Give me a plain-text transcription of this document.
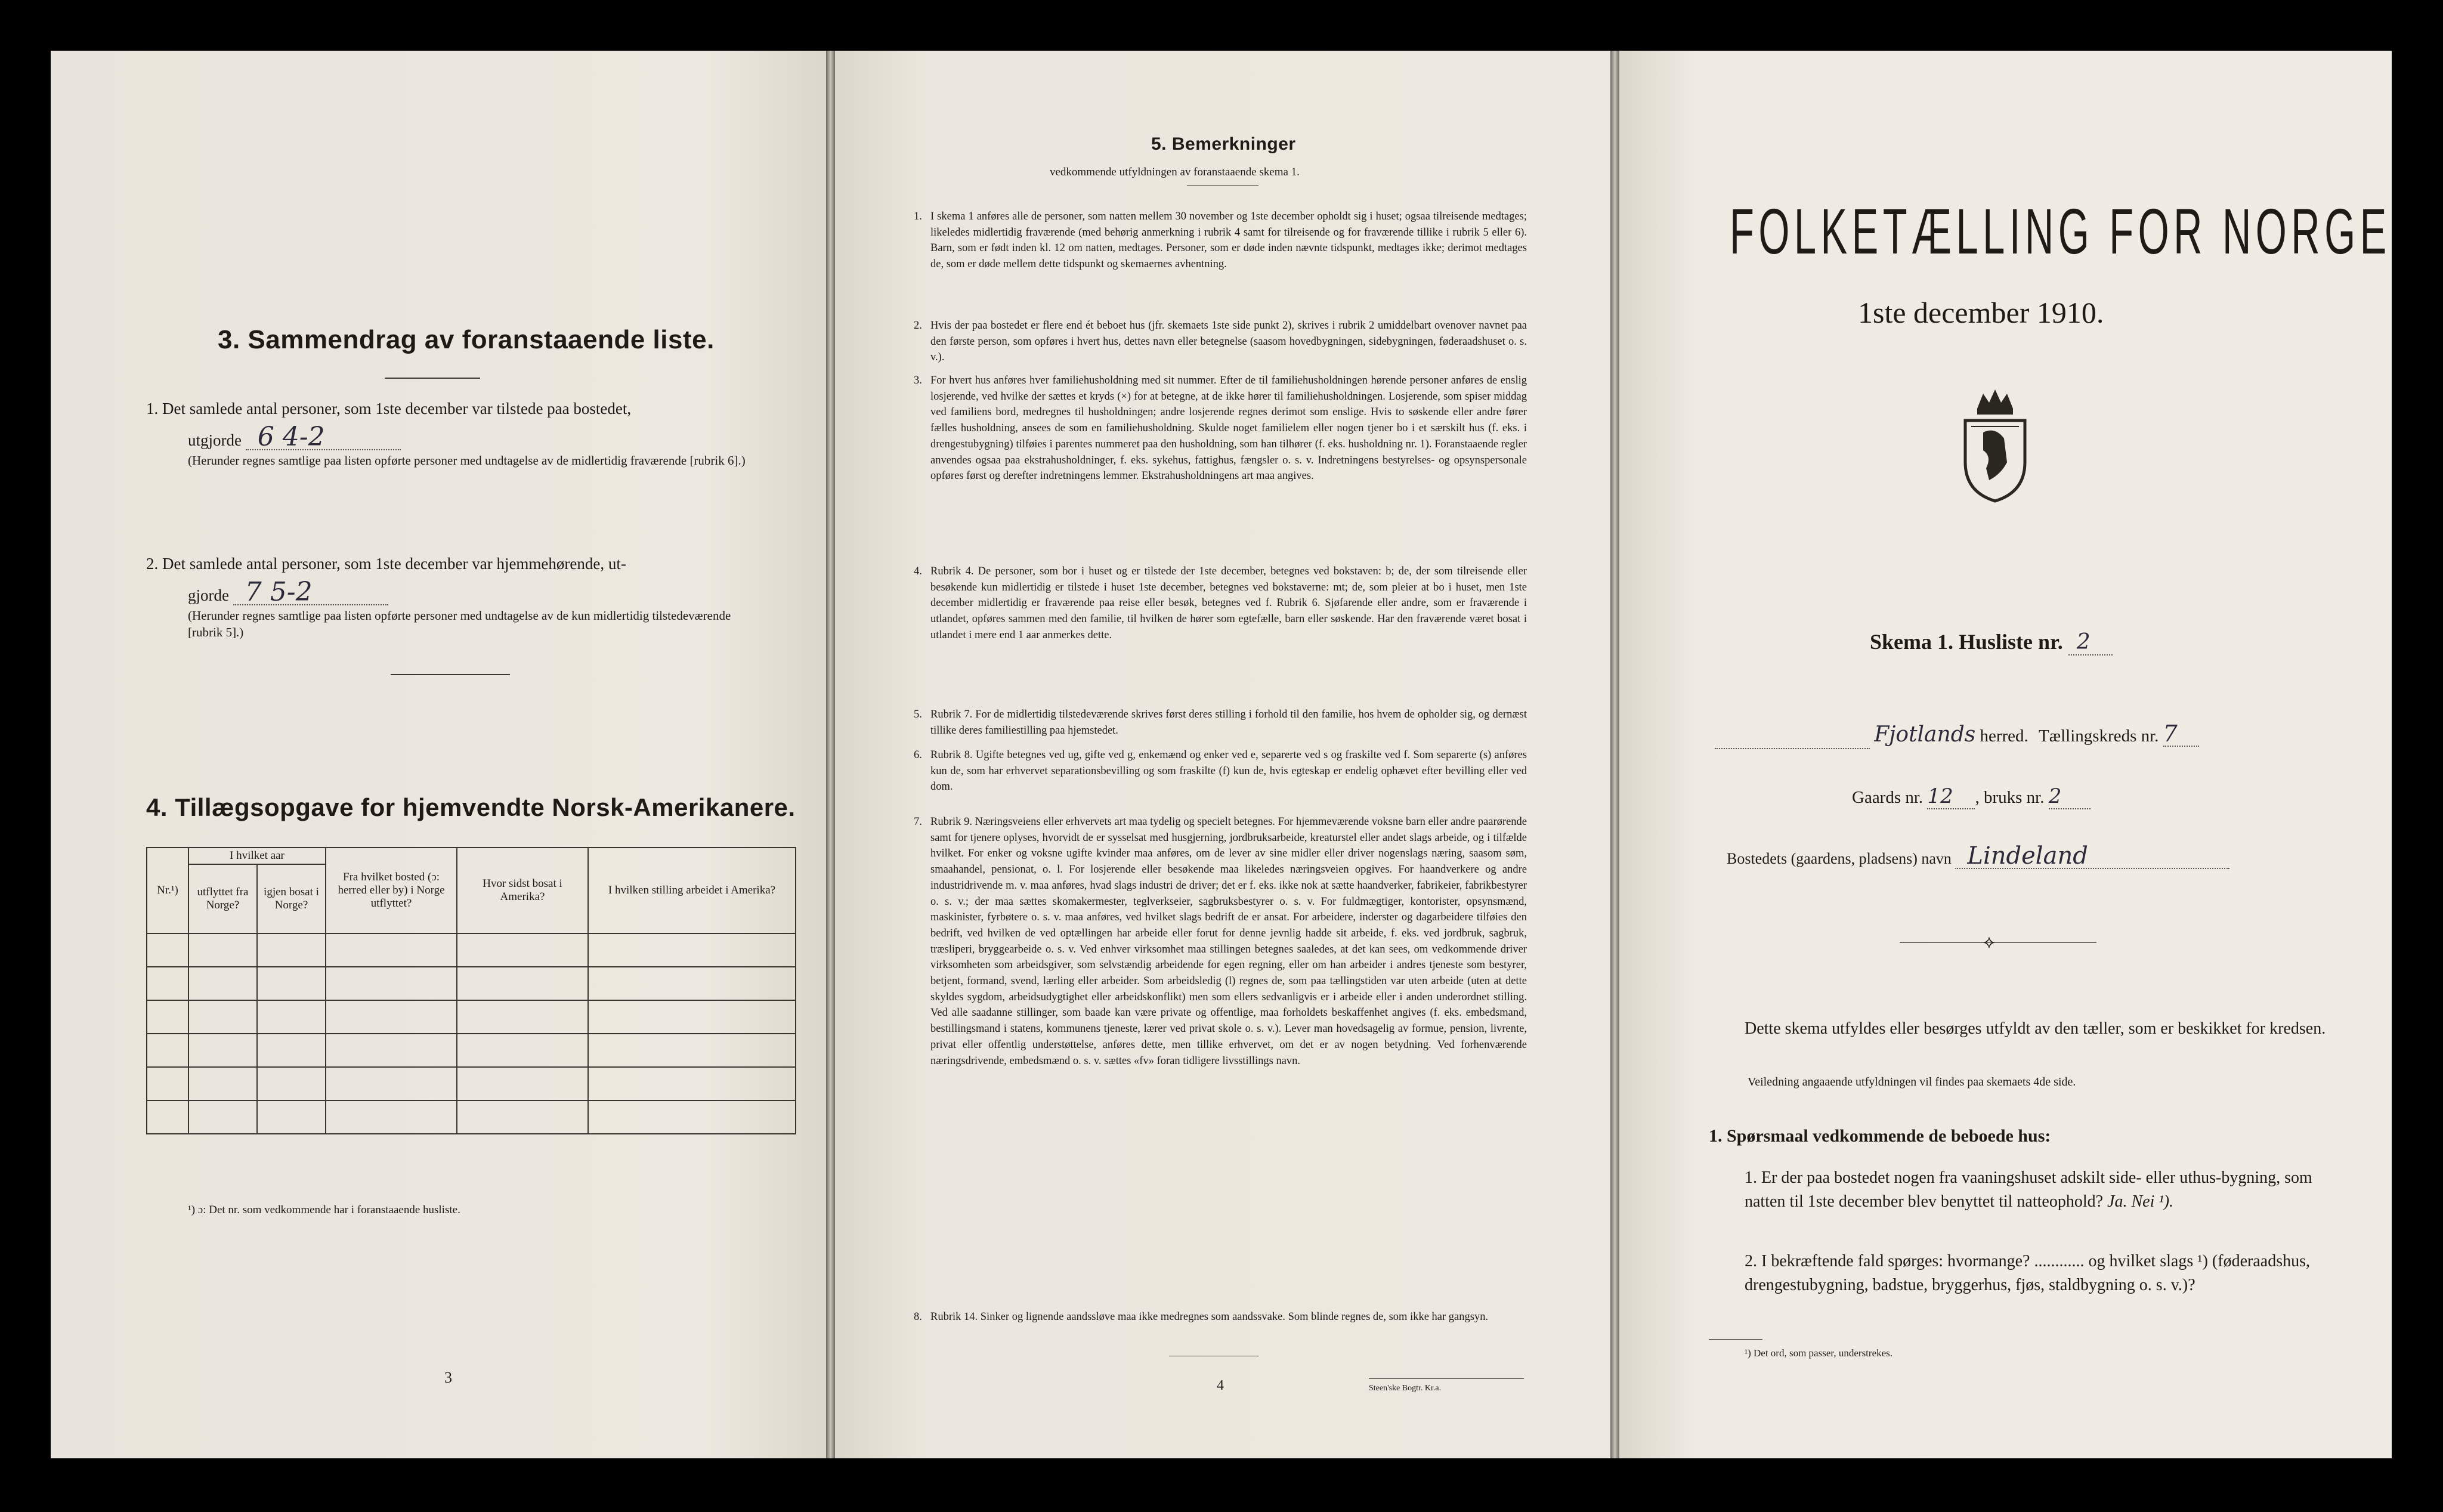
3. Sammendrag av foranstaaende liste.
1. Det samlede antal personer, som 1ste december var tilstede paa bostedet,
utgjorde 6 4-2
(Herunder regnes samtlige paa listen opførte personer med undtagelse av de midlertidig fraværende [rubrik 6].)
2. Det samlede antal personer, som 1ste december var hjemmehørende, ut-
gjorde 7 5-2
(Herunder regnes samtlige paa listen opførte personer med undtagelse av de kun midlertidig tilstedeværende [rubrik 5].)
4. Tillægsopgave for hjemvendte Norsk-Amerikanere.
Nr.¹)	I hvilket aar		Fra hvilket bosted (ɔ: herred eller by) i Norge utflyttet?	Hvor sidst bosat i Amerika?	I hvilken stilling arbeidet i Amerika?
	utflyttet fra Norge?	igjen bosat i Norge?			

¹) ɔ: Det nr. som vedkommende har i foranstaaende husliste.
3
5. Bemerkninger
vedkommende utfyldningen av foranstaaende skema 1.
1. I skema 1 anføres alle de personer, som natten mellem 30 november og 1ste december opholdt sig i huset; ogsaa tilreisende medtages; likeledes midlertidig fraværende (med behørig anmerkning i rubrik 4 samt for tilreisende og for fraværende tillike i rubrik 5 eller 6). Barn, som er født inden kl. 12 om natten, medtages. Personer, som er døde inden nævnte tidspunkt, medtages ikke; derimot medtages de, som er døde mellem dette tidspunkt og skemaernes avhentning.
2. Hvis der paa bostedet er flere end ét beboet hus (jfr. skemaets 1ste side punkt 2), skrives i rubrik 2 umiddelbart ovenover navnet paa den første person, som opføres i hvert hus, dettes navn eller betegnelse (saasom hovedbygningen, sidebygningen, føderaadshuset o. s. v.).
3. For hvert hus anføres hver familiehusholdning med sit nummer. Efter de til familiehusholdningen hørende personer anføres de enslig losjerende, ved hvilke der sættes et kryds (×) for at betegne, at de ikke hører til familiehusholdningen. Losjerende, som spiser middag ved familiens bord, medregnes til husholdningen; andre losjerende regnes derimot som enslige. Hvis to søskende eller andre fører fælles husholdning, ansees de som en familiehusholdning. Skulde noget familielem eller nogen tjener bo i et særskilt hus (f. eks. i drengestubygning) tilføies i parentes nummeret paa den husholdning, som han tilhører (f. eks. husholdning nr. 1). Foranstaaende regler anvendes ogsaa paa ekstrahusholdninger, f. eks. sykehus, fattighus, fængsler o. s. v. Indretningens bestyrelses- og opsynspersonale opføres først og derefter indretningens lemmer. Ekstrahusholdningens art maa angives.
4. Rubrik 4. De personer, som bor i huset og er tilstede der 1ste december, betegnes ved bokstaven: b; de, der som tilreisende eller besøkende kun midlertidig er tilstede i huset 1ste december, betegnes ved bokstaverne: mt; de, som pleier at bo i huset, men 1ste december midlertidig er fraværende paa reise eller besøk, betegnes ved f. Rubrik 6. Sjøfarende eller andre, som er fraværende i utlandet, opføres sammen med den familie, til hvilken de hører som egtefælle, barn eller søskende. Har den fraværende været bosat i utlandet i mere end 1 aar anmerkes dette.
5. Rubrik 7. For de midlertidig tilstedeværende skrives først deres stilling i forhold til den familie, hos hvem de opholder sig, og dernæst tillike deres familiestilling paa hjemstedet.
6. Rubrik 8. Ugifte betegnes ved ug, gifte ved g, enkemænd og enker ved e, separerte ved s og fraskilte ved f. Som separerte (s) anføres kun de, som har erhvervet separationsbevilling og som fraskilte (f) kun de, hvis egteskap er endelig ophævet efter bevilling eller ved dom.
7. Rubrik 9. Næringsveiens eller erhvervets art maa tydelig og specielt betegnes. For hjemmeværende voksne barn eller andre paarørende samt for tjenere oplyses, hvorvidt de er sysselsat med husgjerning, jordbruksarbeide, kreaturstel eller andet slags arbeide, og i tilfælde hvilket. For enker og voksne ugifte kvinder maa anføres, om de lever av sine midler eller driver nogenslags næring, saasom søm, smaahandel, pensionat, o. l. For losjerende eller besøkende maa likeledes næringsveien opgives. For haandverkere og andre industridrivende m. v. maa anføres, hvad slags industri de driver; det er f. eks. ikke nok at sætte haandverker, fabrikeier, fabrikbestyrer o. s. v.; der maa sættes skomakermester, teglverkseier, sagbruksbestyrer o. s. v. For fuldmægtiger, kontorister, opsynsmænd, maskinister, fyrbøtere o. s. v. maa anføres, ved hvilket slags bedrift de er ansat. For arbeidere, inderster og dagarbeidere tilføies den bedrift, ved hvilken de ved optællingen har arbeide eller forut for denne jevnlig hadde sit arbeide, f. eks. ved jordbruk, sagbruk, træsliperi, bryggearbeide o. s. v. Ved enhver virksomhet maa stillingen betegnes saaledes, at det kan sees, om vedkommende driver virksomheten som arbeidsgiver, som selvstændig arbeidende for egen regning, eller om han arbeider i andres tjeneste som bestyrer, betjent, formand, svend, lærling eller arbeider. Som arbeidsledig (l) regnes de, som paa tællingstiden var uten arbeide (uten at dette skyldes sygdom, arbeidsudygtighet eller arbeidskonflikt) men som ellers sedvanligvis er i arbeide eller i anden underordnet stilling. Ved alle saadanne stillinger, som baade kan være private og offentlige, maa forholdets beskaffenhet angives (f. eks. embedsmand, bestillingsmand i statens, kommunens tjeneste, lærer ved privat skole o. s. v.). Lever man hovedsagelig av formue, pension, livrente, privat eller offentlig understøttelse, anføres dette, men tillike erhvervet, om det er av nogen betydning. Ved forhenværende næringsdrivende, embedsmænd o. s. v. sættes «fv» foran tidligere livsstillings navn.
8. Rubrik 14. Sinker og lignende aandssløve maa ikke medregnes som aandssvake. Som blinde regnes de, som ikke har gangsyn.
4	Steen'ske Bogtr. Kr.a.
FOLKETÆLLING FOR NORGE
1ste december 1910.
Skema 1. Husliste nr. 2
Fjotlands herred. Tællingskreds nr. 7
Gaards nr. 12 , bruks nr. 2
Bostedets (gaardens, pladsens) navn Lindeland
⟡
Dette skema utfyldes eller besørges utfyldt av den tæller, som er beskikket for kredsen.
Veiledning angaaende utfyldningen vil findes paa skemaets 4de side.
1. Spørsmaal vedkommende de beboede hus:
1. Er der paa bostedet nogen fra vaaningshuset adskilt side- eller uthus-bygning, som natten til 1ste december blev benyttet til natteophold? Ja. Nei ¹).
2. I bekræftende fald spørges: hvormange? ............ og hvilket slags ¹) (føderaadshus, drengestubygning, badstue, bryggerhus, fjøs, staldbygning o. s. v.)?
¹) Det ord, som passer, understrekes.
